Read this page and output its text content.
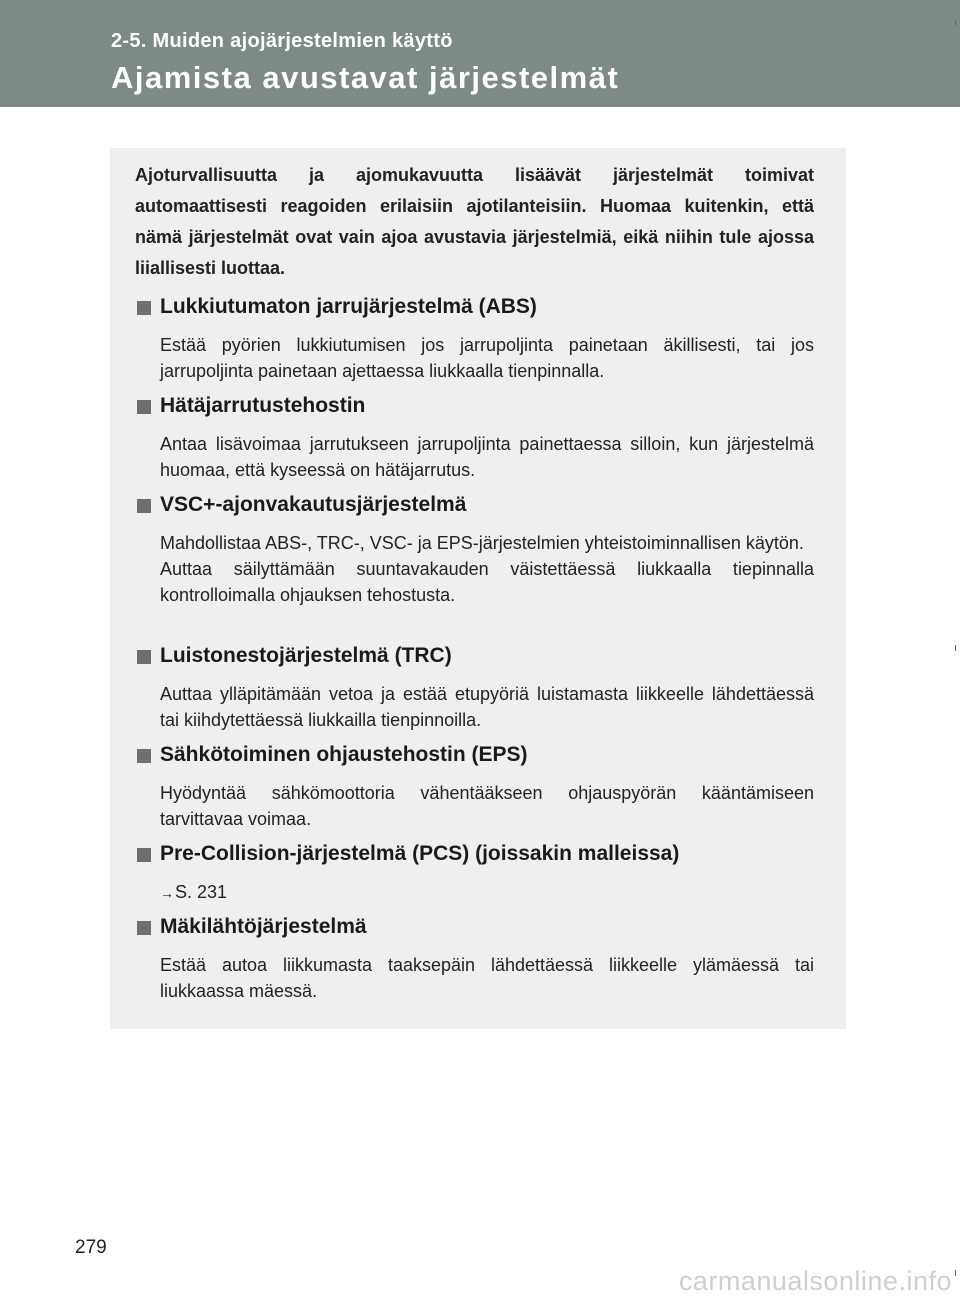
2-5. Muiden ajojärjestelmien käyttö
Ajamista avustavat järjestelmät
Ajoturvallisuutta ja ajomukavuutta lisäävät järjestelmät toimivat automaattisesti reagoiden erilaisiin ajotilanteisiin. Huomaa kuitenkin, että nämä järjestelmät ovat vain ajoa avustavia järjestelmiä, eikä niihin tule ajossa liiallisesti luottaa.
Lukkiutumaton jarrujärjestelmä (ABS)

Estää pyörien lukkiutumisen jos jarrupoljinta painetaan äkillisesti, tai jos jarrupoljinta painetaan ajettaessa liukkaalla tienpinnalla.

Hätäjarrutustehostin

Antaa lisävoimaa jarrutukseen jarrupoljinta painettaessa silloin, kun järjestelmä huomaa, että kyseessä on hätäjarrutus.

VSC+-ajonvakautusjärjestelmä

Mahdollistaa ABS-, TRC-, VSC- ja EPS-järjestelmien yhteistoiminnallisen käytön.

Auttaa säilyttämään suuntavakauden väistettäessä liukkaalla tiepinnalla kontrolloimalla ohjauksen tehostusta.

Luistonestojärjestelmä (TRC)

Auttaa ylläpitämään vetoa ja estää etupyöriä luistamasta liikkeelle lähdettäessä tai kiihdytettäessä liukkailla tienpinnoilla.

Sähkötoiminen ohjaustehostin (EPS)

Hyödyntää sähkömoottoria vähentääkseen ohjauspyörän kääntämiseen tarvittavaa voimaa.

Pre-Collision-järjestelmä (PCS) (joissakin malleissa)

→S. 231

Mäkilähtöjärjestelmä

Estää autoa liikkumasta taaksepäin lähdettäessä liikkeelle ylämäessä tai liukkaassa mäessä.

279
carmanualsonline.info
